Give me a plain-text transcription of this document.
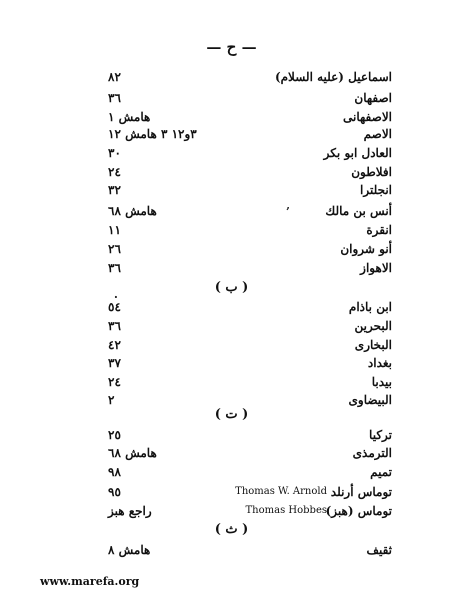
— ح —
اسماعيل (عليه السلام)
٨٢
اصفهان
٣٦
الاصفهانى
هامش ١
الاصم
٣و١٢ ٣ هامش ١٢
العادل ابو بكر
٣٠
افلاطون
٢٤
انجلترا
٣٢
أنس بن مالك
هامش ٦٨	’
انقرة
١١
أنو شروان
٢٦
الاهواز
٣٦
( ب )
.
ابن باذام
٥٤
البحرين
٣٦
البخارى
٤٢
بغداد
٣٧
بيدبا
٢٤
البيضاوى
٢
( ت )
تركيا
٢٥
الترمذى
هامش ٦٨
تميم
٩٨
توماس أرنلد
Thomas W. Arnold
٩٥
توماس (هبز)
Thomas Hobbes
راجع هبز
( ث )
ثقيف
هامش ٨
www.marefa.org
